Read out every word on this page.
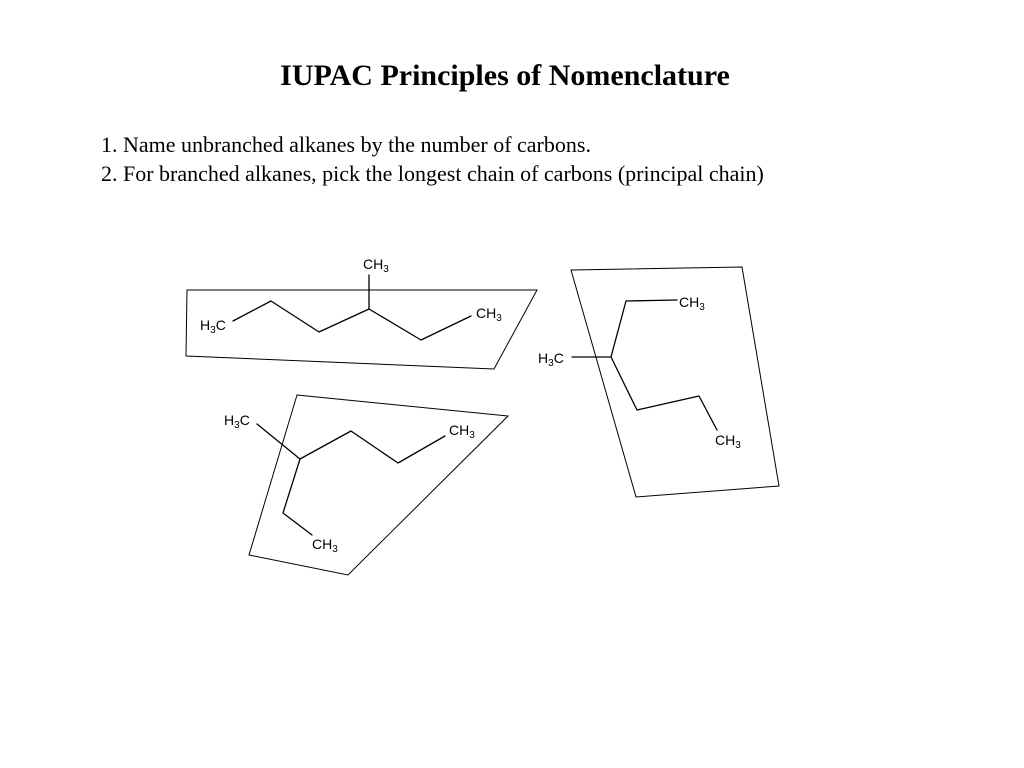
IUPAC Principles of Nomenclature
1. Name unbranched alkanes by the number of carbons.
2. For branched alkanes, pick the longest chain of carbons (principal chain)
$CH_3$
$CH_3$
$H_3C$
$CH_3$
$CH_3$
$H_3C$
$H_3C$
$CH_3$
$CH_3$
